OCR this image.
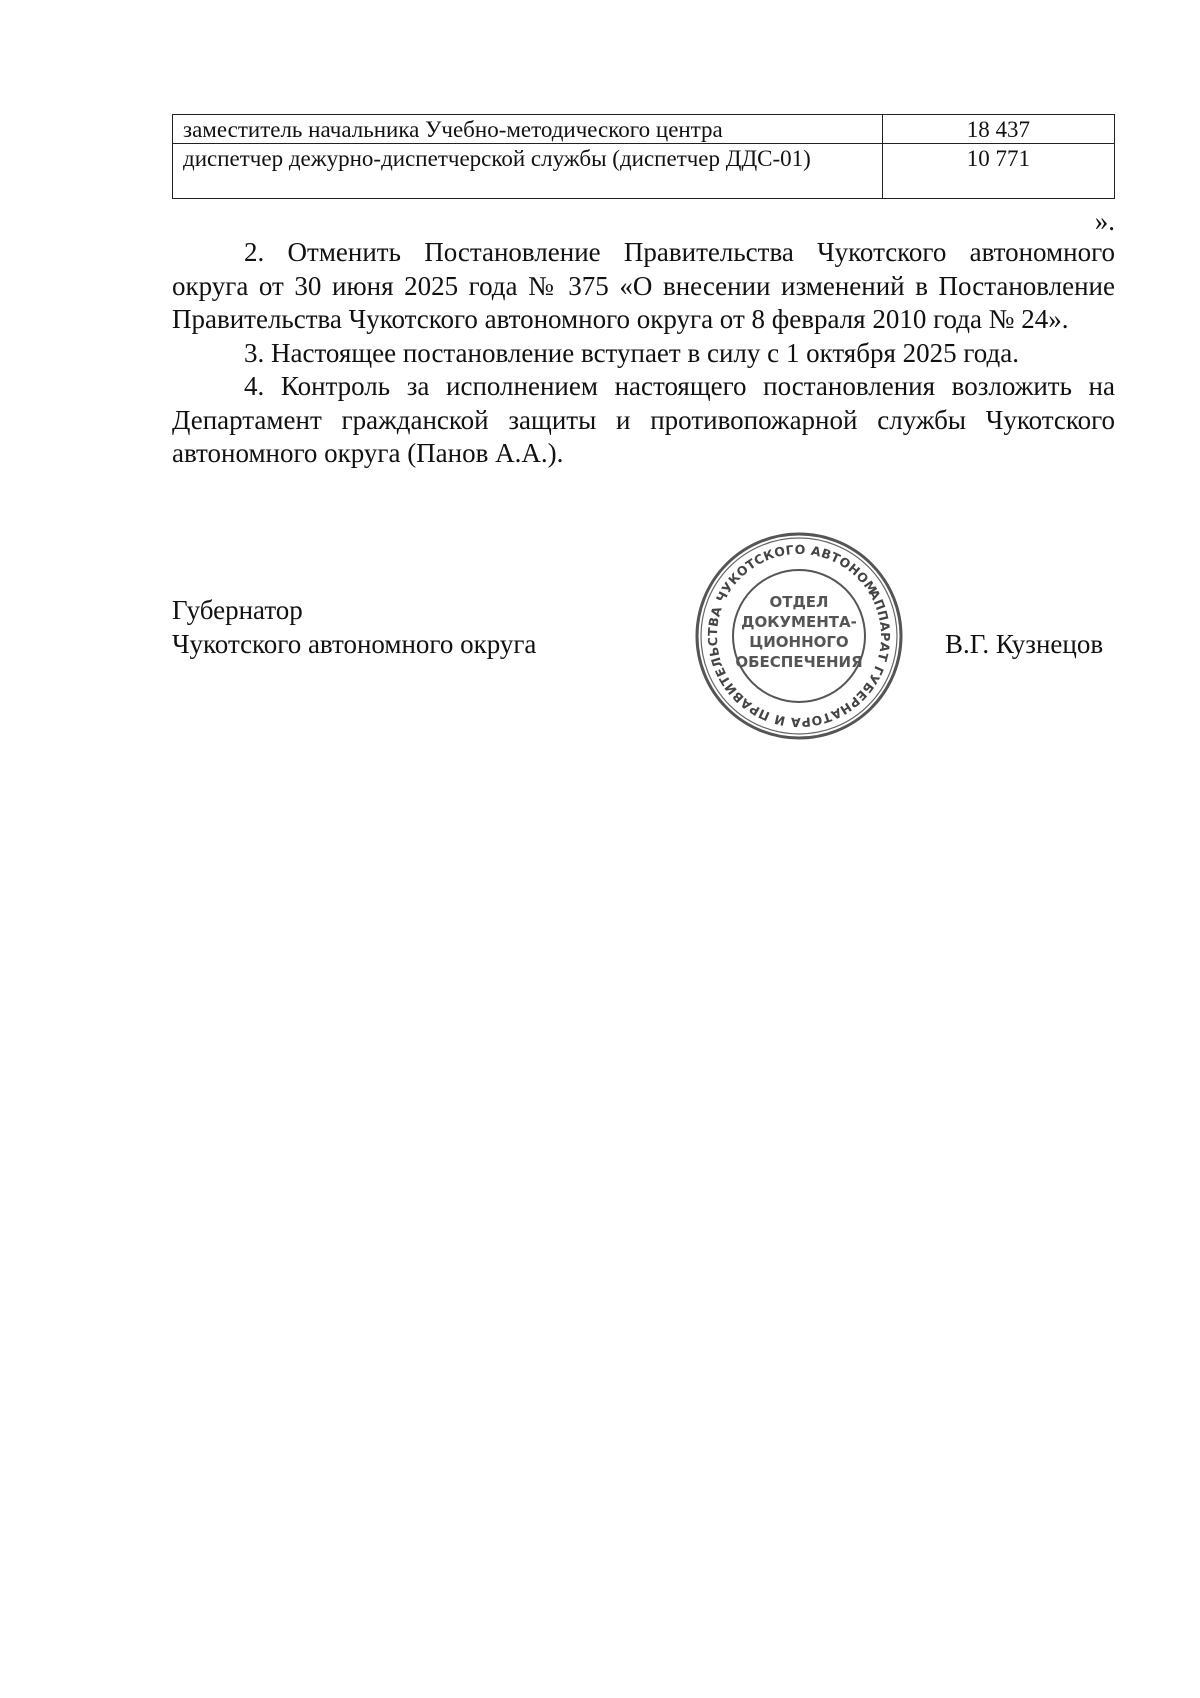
заместитель начальника Учебно-методического центра	18 437
диспетчер дежурно-диспетчерской службы (диспетчер ДДС-01)	10 771
».

2. Отменить Постановление Правительства Чукотского автономного округа от 30 июня 2025 года № 375 «О внесении изменений в Постановление Правительства Чукотского автономного округа от 8 февраля 2010 года № 24».

3. Настоящее постановление вступает в силу с 1 октября 2025 года.

4. Контроль за исполнением настоящего постановления возложить на Департамент гражданской защиты и противопожарной службы Чукотского автономного округа (Панов А.А.).

Губернатор
Чукотского автономного округа
АППАРАТ ГУБЕРНАТОРА И ПРАВИТЕЛЬСТВА ЧУКОТСКОГО АВТОНОМНОГО
ОТДЕЛ
ДОКУМЕНТА-
ЦИОННОГО
ОБЕСПЕЧЕНИЯ
В.Г. Кузнецов
